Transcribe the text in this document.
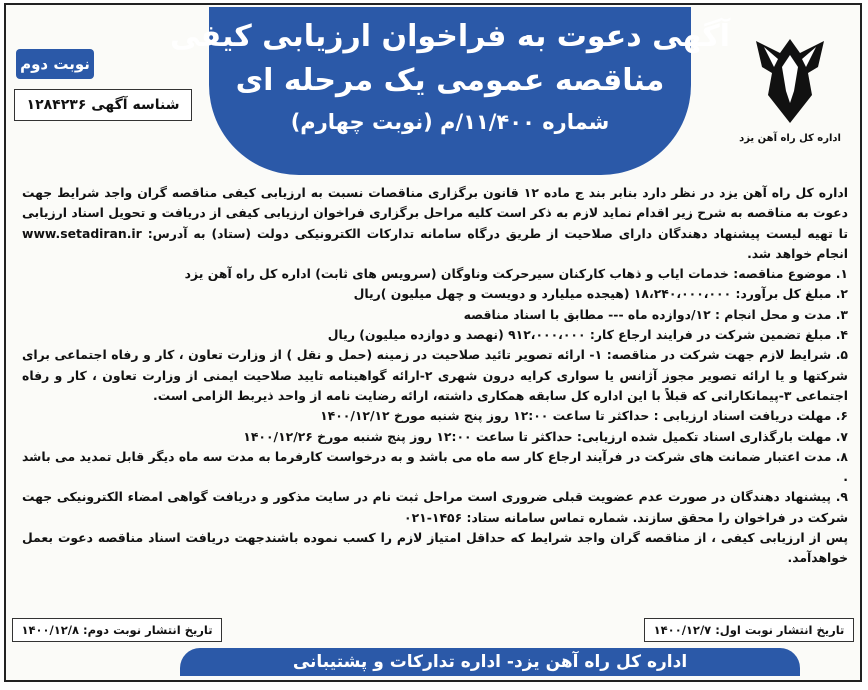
آگهی دعوت به فراخوان ارزیابی کیفی
مناقصه عمومی یک مرحله ای
شماره ۱۱/۴۰۰/م (نوبت چهارم)
اداره کل راه آهن یزد
نوبت دوم
شناسه آگهی ۱۲۸۴۲۳۶

اداره کل راه آهن یزد در نظر دارد بنابر بند ج ماده ۱۲ قانون برگزاری مناقصات نسبت به ارزیابی کیفی مناقصه گران واجد شرایط جهت دعوت به مناقصه به شرح زیر اقدام نماید لازم به ذکر است کلیه مراحل برگزاری فراخوان ارزیابی کیفی از دریافت و تحویل اسناد ارزیابی تا تهیه لیست پیشنهاد دهندگان دارای صلاحیت از طریق درگاه سامانه تدارکات الکترونیکی دولت (ستاد) به آدرس: www.setadiran.ir انجام خواهد شد.

۱. موضوع مناقصه: خدمات ایاب و ذهاب کارکنان سیرحرکت وناوگان (سرویس های ثابت) اداره کل راه آهن یزد

۲. مبلغ کل برآورد: ۱۸،۲۴۰،۰۰۰،۰۰۰ (هیجده میلیارد و دویست و چهل میلیون )ریال

۳. مدت و محل انجام : ۱۲/دوازده ماه --- مطابق با اسناد مناقصه

۴. مبلغ تضمین شرکت در فرایند ارجاع کار: ۹۱۲،۰۰۰،۰۰۰ (نهصد و دوازده میلیون) ریال

۵. شرایط لازم جهت شرکت در مناقصه: ۱- ارائه تصویر تائید صلاحیت در زمینه (حمل و نقل ) از وزارت تعاون ، کار و رفاه اجتماعی برای شرکتها و یا ارائه تصویر مجوز آژانس یا سواری کرایه درون شهری ۲-ارائه گواهینامه تایید صلاحیت ایمنی از وزارت تعاون ، کار و رفاه اجتماعی ۳-پیمانکارانی که قبلاً با این اداره کل سابقه همکاری داشته، ارائه رضایت نامه از واحد ذیربط الزامی است.

۶. مهلت دریافت اسناد ارزیابی : حداکثر تا ساعت ۱۲:۰۰ روز پنج شنبه مورخ ۱۴۰۰/۱۲/۱۲

۷. مهلت بارگذاری اسناد تکمیل شده ارزیابی: حداکثر تا ساعت ۱۲:۰۰ روز پنج شنبه مورخ ۱۴۰۰/۱۲/۲۶

۸. مدت اعتبار ضمانت های شرکت در فرآیند ارجاع کار سه ماه می باشد و به درخواست کارفرما به مدت سه ماه دیگر قابل تمدید می باشد .

۹. پیشنهاد دهندگان در صورت عدم عضویت قبلی ضروری است مراحل ثبت نام در سایت مذکور و دریافت گواهی امضاء الکترونیکی جهت شرکت در فراخوان را محقق سازند. شماره تماس سامانه ستاد: ۱۴۵۶-۰۲۱

پس از ارزیابی کیفی ، از مناقصه گران واجد شرایط که حداقل امتیاز لازم را کسب نموده باشندجهت دریافت اسناد مناقصه دعوت بعمل خواهدآمد.

تاریخ انتشار نوبت اول: ۱۴۰۰/۱۲/۷
تاریخ انتشار نوبت دوم: ۱۴۰۰/۱۲/۸
اداره کل راه آهن یزد- اداره تدارکات و پشتیبانی
